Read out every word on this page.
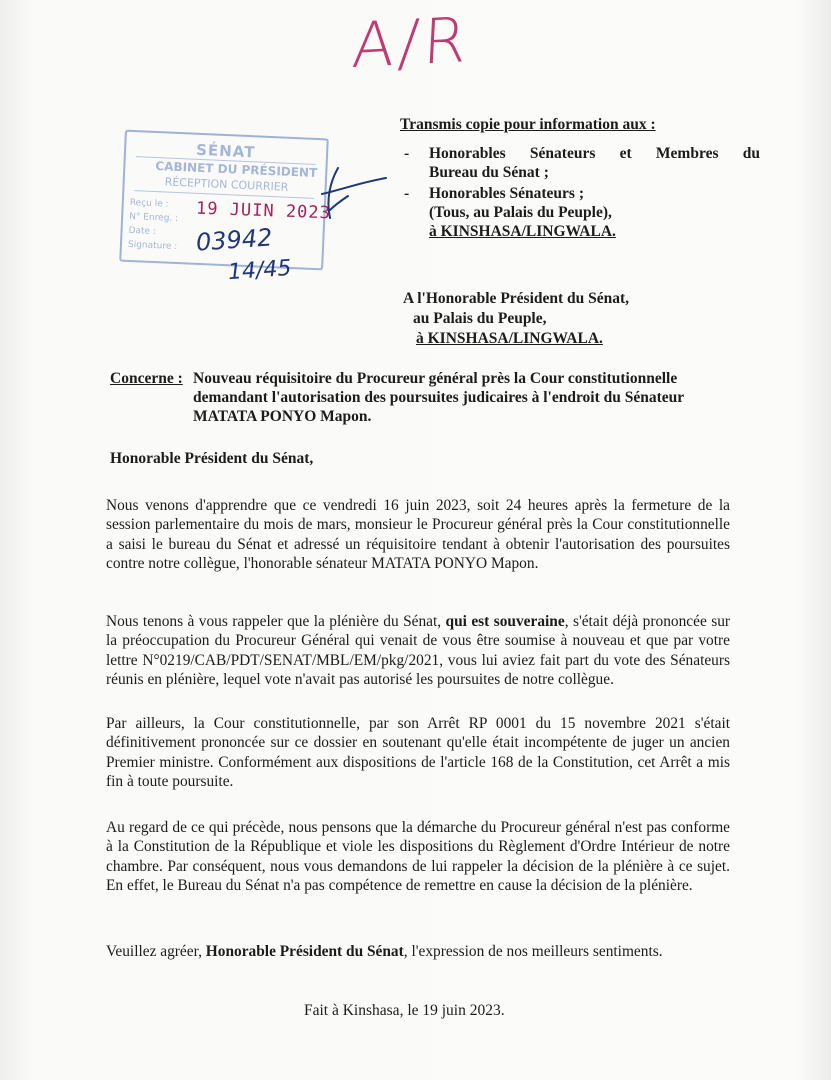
A/R
Transmis copie pour information aux :
- Honorables Sénateurs et Membres du
Bureau du Sénat ;
- Honorables Sénateurs ;
(Tous, au Palais du Peuple),
à KINSHASA/LINGWALA.
SÉNAT
CABINET DU PRÉSIDENT
RÉCEPTION COURRIER
Reçu le :
N° Enreg. :
Date :
Signature :
19 JUIN 2023
03942
14/45
A l'Honorable Président du Sénat,
au Palais du Peuple,
à KINSHASA/LINGWALA.
Concerne : Nouveau réquisitoire du Procureur général près la Cour constitutionnelle demandant l'autorisation des poursuites judicaires à l'endroit du Sénateur MATATA PONYO Mapon.
Honorable Président du Sénat,
Nous venons d'apprendre que ce vendredi 16 juin 2023, soit 24 heures après la fermeture de la session parlementaire du mois de mars, monsieur le Procureur général près la Cour constitutionnelle a saisi le bureau du Sénat et adressé un réquisitoire tendant à obtenir l'autorisation des poursuites contre notre collègue, l'honorable sénateur MATATA PONYO Mapon.
Nous tenons à vous rappeler que la plénière du Sénat, qui est souveraine, s'était déjà prononcée sur la préoccupation du Procureur Général qui venait de vous être soumise à nouveau et que par votre lettre N°0219/CAB/PDT/SENAT/MBL/EM/pkg/2021, vous lui aviez fait part du vote des Sénateurs réunis en plénière, lequel vote n'avait pas autorisé les poursuites de notre collègue.
Par ailleurs, la Cour constitutionnelle, par son Arrêt RP 0001 du 15 novembre 2021 s'était définitivement prononcée sur ce dossier en soutenant qu'elle était incompétente de juger un ancien Premier ministre. Conformément aux dispositions de l'article 168 de la Constitution, cet Arrêt a mis fin à toute poursuite.
Au regard de ce qui précède, nous pensons que la démarche du Procureur général n'est pas conforme à la Constitution de la République et viole les dispositions du Règlement d'Ordre Intérieur de notre chambre. Par conséquent, nous vous demandons de lui rappeler la décision de la plénière à ce sujet. En effet, le Bureau du Sénat n'a pas compétence de remettre en cause la décision de la plénière.
Veuillez agréer, Honorable Président du Sénat, l'expression de nos meilleurs sentiments.
Fait à Kinshasa, le 19 juin 2023.
